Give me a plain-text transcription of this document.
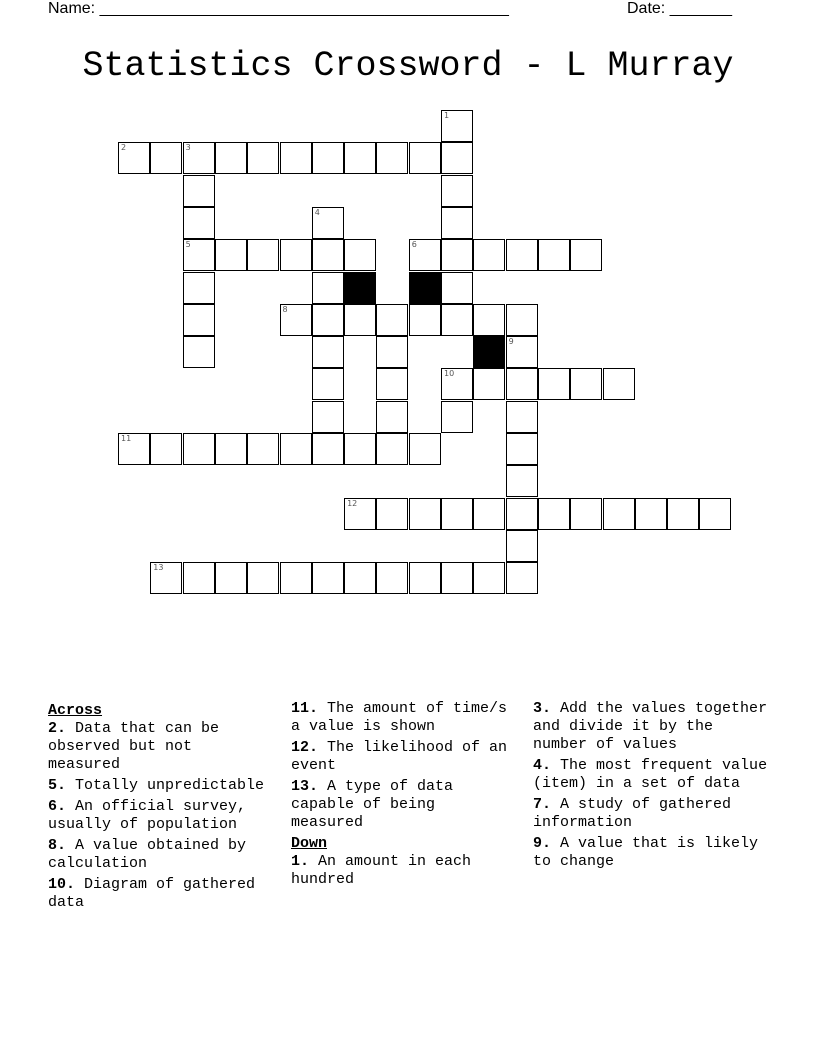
Name: ______________________________________________	Date: _______
Statistics Crossword - L Murray
1
2	3
5
4
6
8
9
10
11
12
13
Across
2. Data that can be observed but not measured
5. Totally unpredictable
6. An official survey, usually of population
8. A value obtained by calculation
10. Diagram of gathered data
11. The amount of time/s a value is shown
12. The likelihood of an event
13. A type of data capable of being measured
Down
1. An amount in each hundred
3. Add the values together and divide it by the number of values
4. The most frequent value (item) in a set of data
7. A study of gathered information
9. A value that is likely to change
